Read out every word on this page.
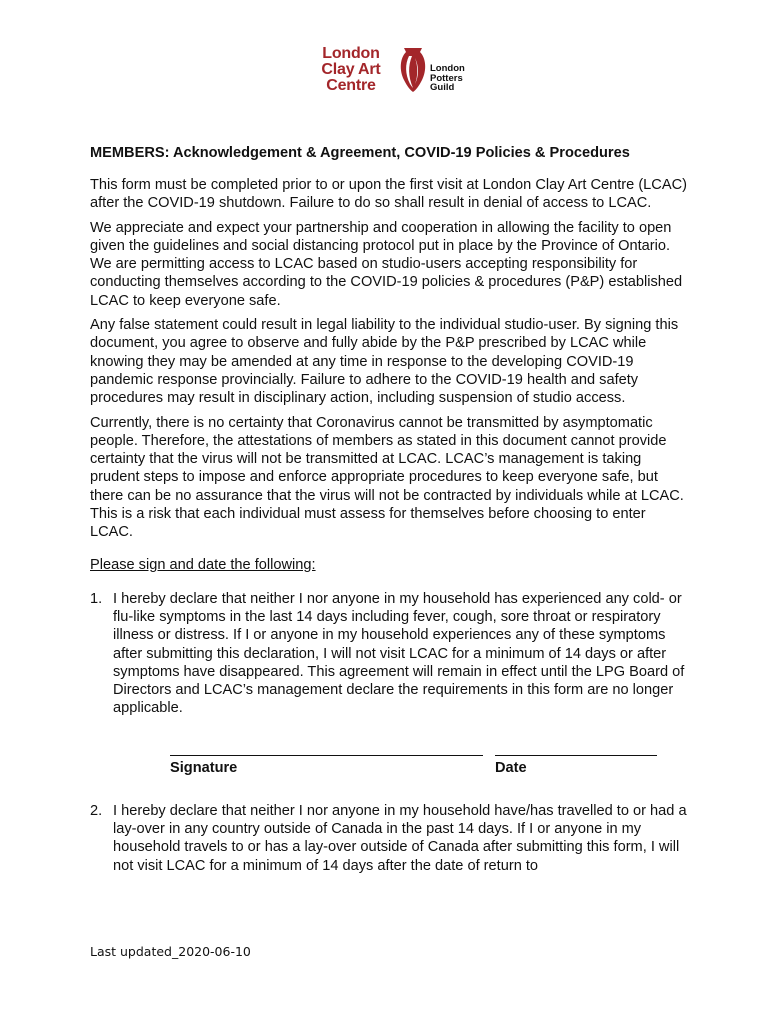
London
Clay Art
Centre
London
Potters
Guild
MEMBERS: Acknowledgement & Agreement, COVID-19 Policies & Procedures

This form must be completed prior to or upon the first visit at London Clay Art Centre (LCAC) after the COVID-19 shutdown. Failure to do so shall result in denial of access to LCAC.

We appreciate and expect your partnership and cooperation in allowing the facility to open given the guidelines and social distancing protocol put in place by the Province of Ontario. We are permitting access to LCAC based on studio-users accepting responsibility for conducting themselves according to the COVID-19 policies & procedures (P&P) established LCAC to keep everyone safe.

Any false statement could result in legal liability to the individual studio-user. By signing this document, you agree to observe and fully abide by the P&P prescribed by LCAC while knowing they may be amended at any time in response to the developing COVID-19 pandemic response provincially. Failure to adhere to the COVID-19 health and safety procedures may result in disciplinary action, including suspension of studio access.

Currently, there is no certainty that Coronavirus cannot be transmitted by asymptomatic people. Therefore, the attestations of members as stated in this document cannot provide certainty that the virus will not be transmitted at LCAC. LCAC’s management is taking prudent steps to impose and enforce appropriate procedures to keep everyone safe, but there can be no assurance that the virus will not be contracted by individuals while at LCAC. This is a risk that each individual must assess for themselves before choosing to enter LCAC.

Please sign and date the following:
1. I hereby declare that neither I nor anyone in my household has experienced any cold- or flu-like symptoms in the last 14 days including fever, cough, sore throat or respiratory illness or distress. If I or anyone in my household experiences any of these symptoms after submitting this declaration, I will not visit LCAC for a minimum of 14 days or after symptoms have disappeared. This agreement will remain in effect until the LPG Board of Directors and LCAC’s management declare the requirements in this form are no longer applicable.
Signature	Date
2. I hereby declare that neither I nor anyone in my household have/has travelled to or had a lay-over in any country outside of Canada in the past 14 days. If I or anyone in my household travels to or has a lay-over outside of Canada after submitting this form, I will not visit LCAC for a minimum of 14 days after the date of return to
Last updated_2020-06-10
